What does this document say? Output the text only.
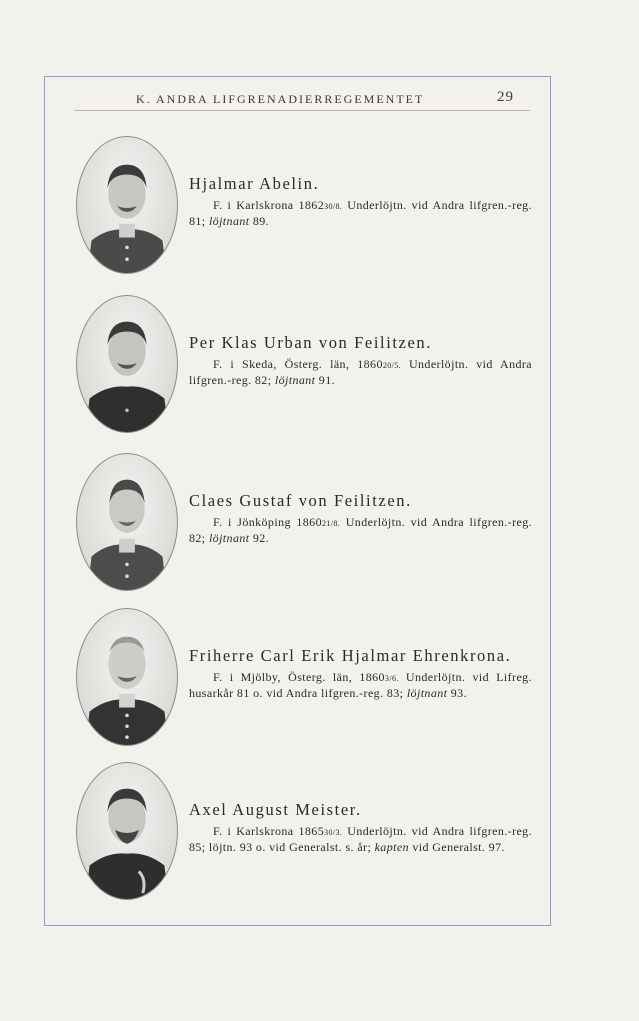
K. ANDRA LIFGRENADIERREGEMENTET	29
Hjalmar Abelin.
F. i Karlskrona 186230/8. Underlöjtn. vid Andra lifgren.-reg. 81; löjtnant 89.
Per Klas Urban von Feilitzen.
F. i Skeda, Österg. län, 186020/5. Underlöjtn. vid Andra lifgren.-reg. 82; löjtnant 91.
Claes Gustaf von Feilitzen.
F. i Jönköping 186021/8. Underlöjtn. vid Andra lifgren.-reg. 82; löjtnant 92.
Friherre Carl Erik Hjalmar Ehrenkrona.
F. i Mjölby, Österg. län, 18603/6. Underlöjtn. vid Lifreg. husarkår 81 o. vid Andra lifgren.-reg. 83; löjtnant 93.
Axel August Meister.
F. i Karlskrona 186530/3. Underlöjtn. vid Andra lifgren.-reg. 85; löjtn. 93 o. vid Generalst. s. år; kapten vid Generalst. 97.
